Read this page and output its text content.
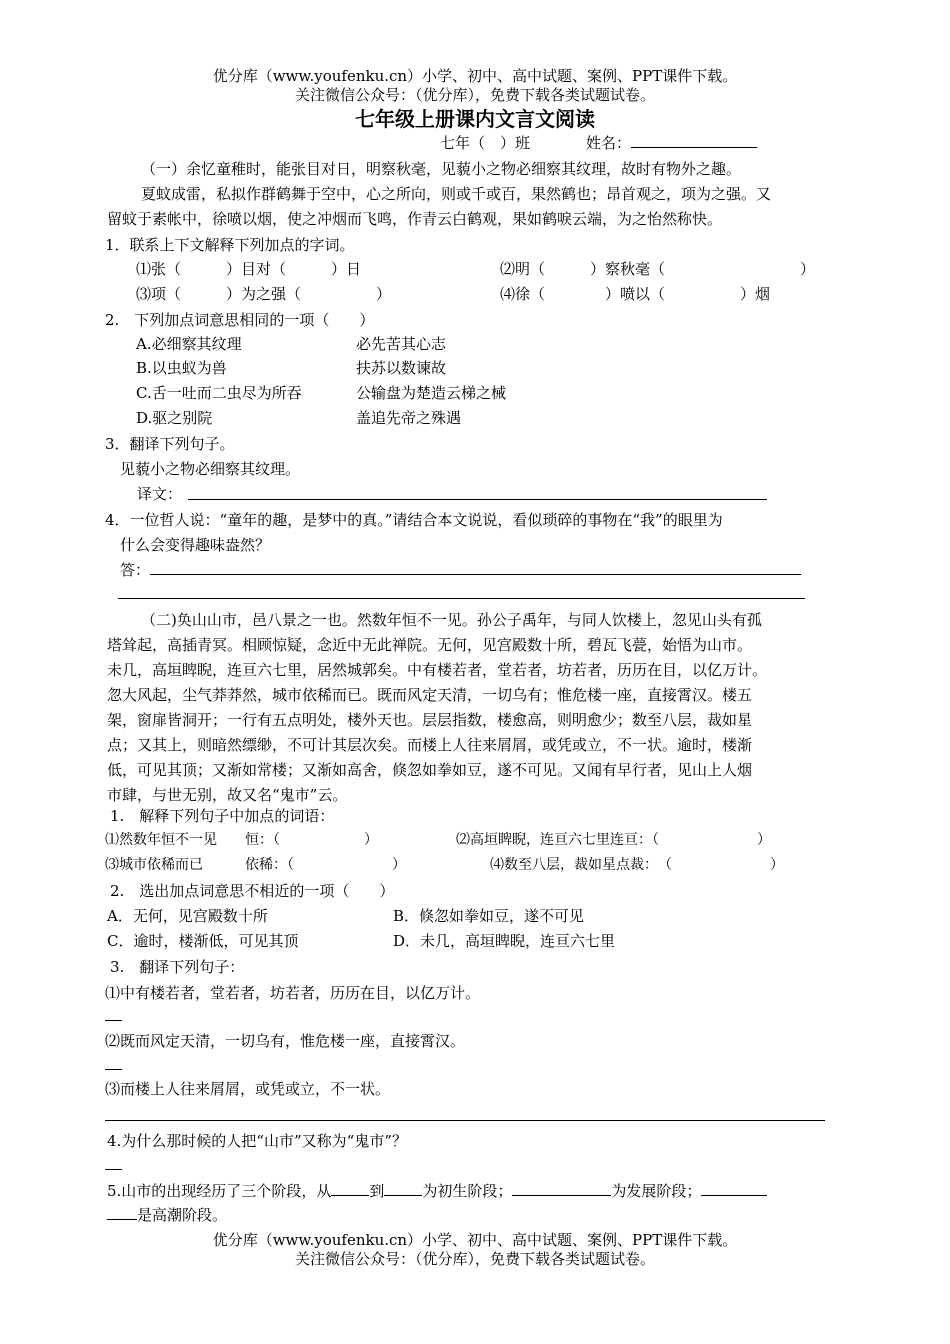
优分库（www.youfenku.cn）小学、初中、高中试题、案例、PPT课件下载。
关注微信公众号：（优分库），免费下载各类试题试卷。
七年级上册课内文言文阅读
七年（　）班	姓名：
（一）余忆童稚时，能张目对日，明察秋毫，见藐小之物必细察其纹理，故时有物外之趣。
夏蚊成雷，私拟作群鹤舞于空中，心之所向，则或千或百，果然鹤也；昂首观之，项为之强。又
留蚊于素帐中，徐喷以烟，使之冲烟而飞鸣，作青云白鹤观，果如鹤唳云端，为之怡然称快。
1．联系上下文解释下列加点的字词。
⑴张（　　　）目对（　　　）日	⑵明（　　　）察秋毫（　　　　　　　　　）
⑶项（　　　）为之强（　　　　　）	⑷徐（　　　　）喷以（　　　　　）烟
2.　下列加点词意思相同的一项（　　）
A.必细察其纹理	必先苦其心志
B.以虫蚁为兽	扶苏以数谏故
C.舌一吐而二虫尽为所吞	公输盘为楚造云梯之械
D.驱之别院	盖追先帝之殊遇
3．翻译下列句子。
见藐小之物必细察其纹理。
译文：
4．一位哲人说：“童年的趣，是梦中的真。”请结合本文说说，看似琐碎的事物在“我”的眼里为
什么会变得趣味盎然？
答：
（二)奂山山市，邑八景之一也。然数年恒不一见。孙公子禹年，与同人饮楼上，忽见山头有孤
塔耸起，高插青冥。相顾惊疑，念近中无此禅院。无何，见宫殿数十所，碧瓦飞甍，始悟为山市。
未几，高垣睥睨，连亘六七里，居然城郭矣。中有楼若者，堂若者，坊若者，历历在目，以亿万计。
忽大风起，尘气莽莽然，城市依稀而已。既而风定天清，一切乌有；惟危楼一座，直接霄汉。楼五
架，窗扉皆洞开；一行有五点明处，楼外天也。层层指数，楼愈高，则明愈少；数至八层，裁如星
点；又其上，则暗然缥缈，不可计其层次矣。而楼上人往来屑屑，或凭或立，不一状。逾时，楼渐
低，可见其顶；又渐如常楼；又渐如高舍，倏忽如拳如豆，遂不可见。又闻有早行者，见山上人烟
市肆，与世无别，故又名“鬼市”云。
1.　解释下列句子中加点的词语：
⑴然数年恒不一见　　恒：（　　　　　　）	⑵高垣睥睨，连亘六七里连亘：（　　　　　　　）
⑶城市依稀而已　　　依稀：（　　　　　　　）	⑷数至八层，裁如星点裁：　（　　　　　　　）
2.　选出加点词意思不相近的一项（　　）
A．无何，见宫殿数十所	B．倏忽如拳如豆，遂不可见
C．逾时，楼渐低，可见其顶	D．未几，高垣睥睨，连亘六七里
3.　翻译下列句子：
⑴中有楼若者，堂若者，坊若者，历历在目，以亿万计。
⑵既而风定天清，一切乌有，惟危楼一座，直接霄汉。
⑶而楼上人往来屑屑，或凭或立，不一状。
4.为什么那时候的人把“山市”又称为“鬼市”？
5.山市的出现经历了三个阶段，从	到	为初生阶段；	为发展阶段；
是高潮阶段。
优分库（www.youfenku.cn）小学、初中、高中试题、案例、PPT课件下载。
关注微信公众号：（优分库），免费下载各类试题试卷。
